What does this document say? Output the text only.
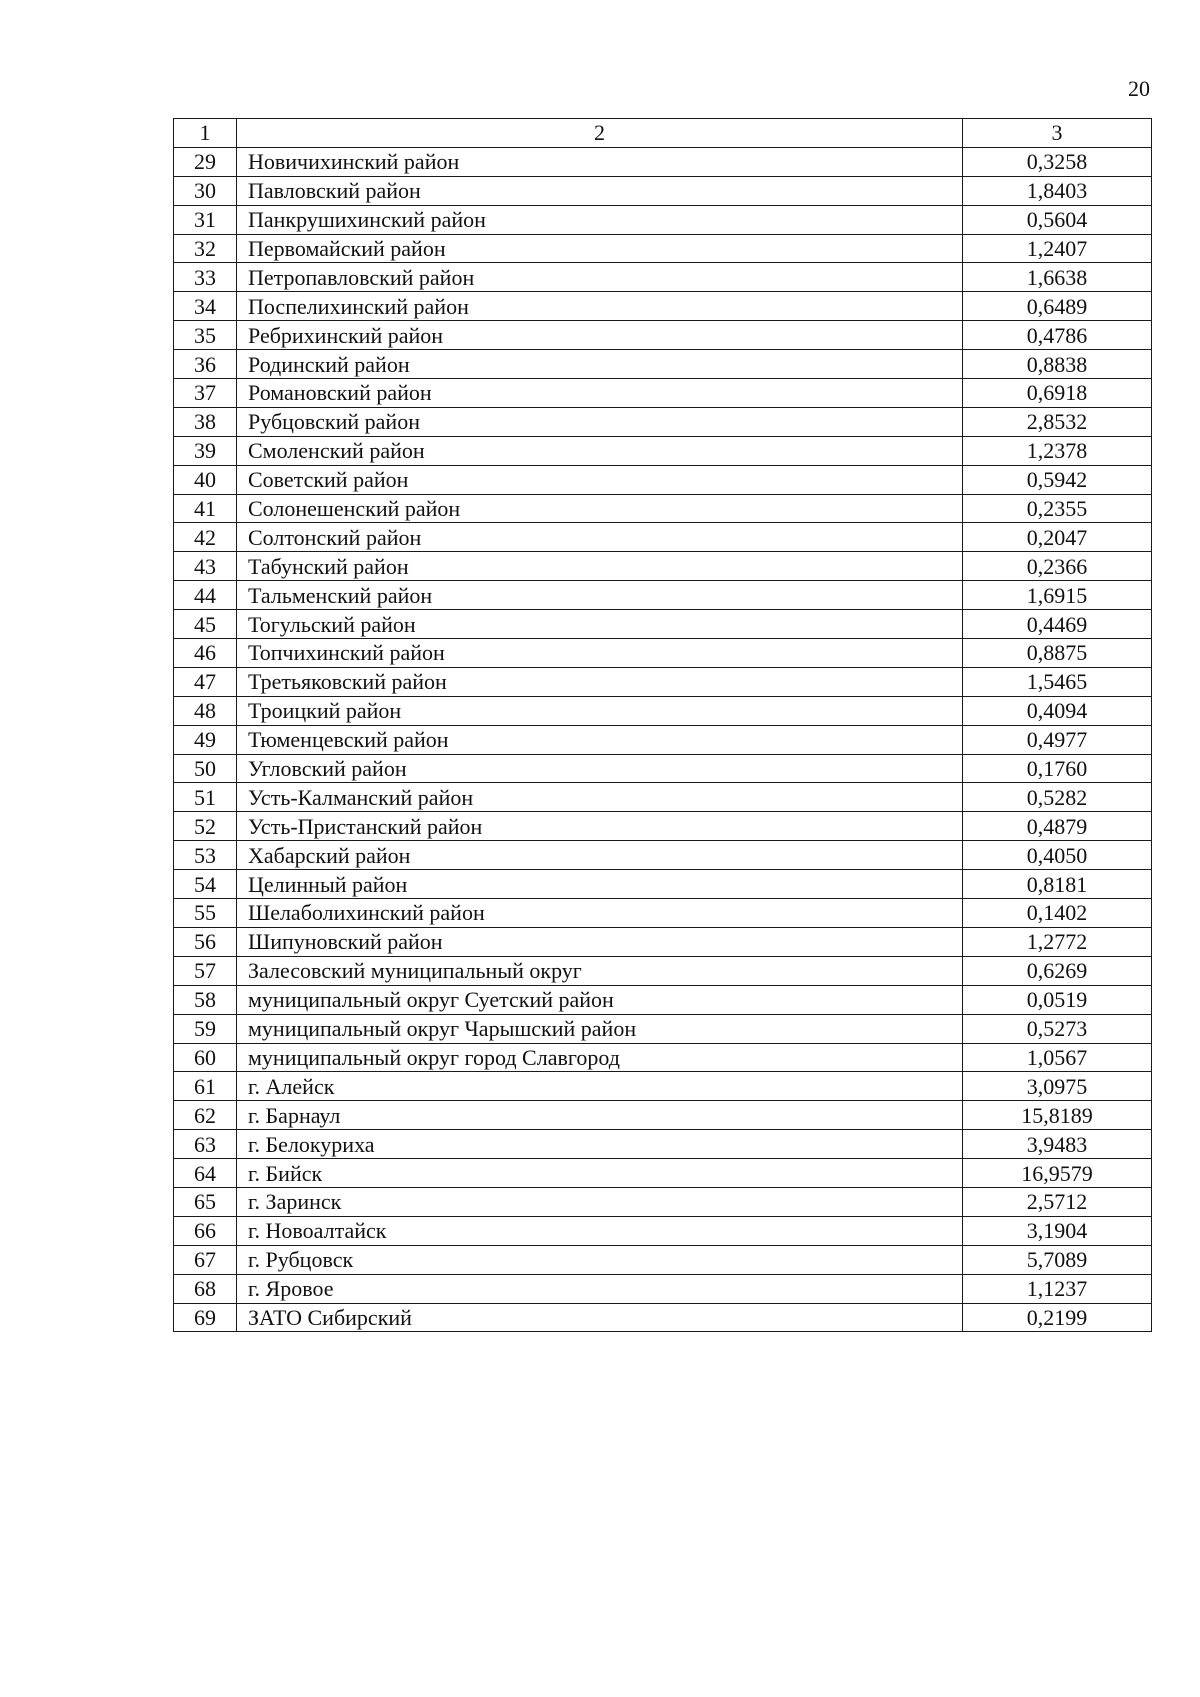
20
1	2	3
29	Новичихинский район	0,3258
30	Павловский район	1,8403
31	Панкрушихинский район	0,5604
32	Первомайский район	1,2407
33	Петропавловский район	1,6638
34	Поспелихинский район	0,6489
35	Ребрихинский район	0,4786
36	Родинский район	0,8838
37	Романовский район	0,6918
38	Рубцовский район	2,8532
39	Смоленский район	1,2378
40	Советский район	0,5942
41	Солонешенский район	0,2355
42	Солтонский район	0,2047
43	Табунский район	0,2366
44	Тальменский район	1,6915
45	Тогульский район	0,4469
46	Топчихинский район	0,8875
47	Третьяковский район	1,5465
48	Троицкий район	0,4094
49	Тюменцевский район	0,4977
50	Угловский район	0,1760
51	Усть-Калманский район	0,5282
52	Усть-Пристанский район	0,4879
53	Хабарский район	0,4050
54	Целинный район	0,8181
55	Шелаболихинский район	0,1402
56	Шипуновский район	1,2772
57	Залесовский муниципальный округ	0,6269
58	муниципальный округ Суетский район	0,0519
59	муниципальный округ Чарышский район	0,5273
60	муниципальный округ город Славгород	1,0567
61	г. Алейск	3,0975
62	г. Барнаул	15,8189
63	г. Белокуриха	3,9483
64	г. Бийск	16,9579
65	г. Заринск	2,5712
66	г. Новоалтайск	3,1904
67	г. Рубцовск	5,7089
68	г. Яровое	1,1237
69	ЗАТО Сибирский	0,2199
